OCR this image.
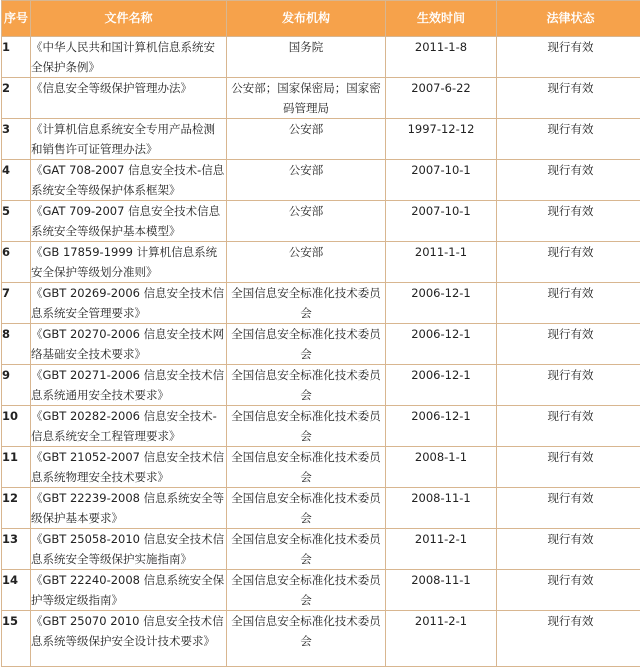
序号	文件名称	发布机构	生效时间	法律状态
1	《中华人民共和国计算机信息系统安全保护条例》	国务院	2011-1-8	现行有效
2	《信息安全等级保护管理办法》	公安部；国家保密局；国家密码管理局	2007-6-22	现行有效
3	《计算机信息系统安全专用产品检测和销售许可证管理办法》	公安部	1997-12-12	现行有效
4	《GAT 708-2007 信息安全技术-信息系统安全等级保护体系框架》	公安部	2007-10-1	现行有效
5	《GAT 709-2007 信息安全技术信息系统安全等级保护基本模型》	公安部	2007-10-1	现行有效
6	《GB 17859-1999 计算机信息系统安全保护等级划分准则》	公安部	2011-1-1	现行有效
7	《GBT 20269-2006 信息安全技术信息系统安全管理要求》	全国信息安全标准化技术委员会	2006-12-1	现行有效
8	《GBT 20270-2006 信息安全技术网络基础安全技术要求》	全国信息安全标准化技术委员会	2006-12-1	现行有效
9	《GBT 20271-2006 信息安全技术信息系统通用安全技术要求》	全国信息安全标准化技术委员会	2006-12-1	现行有效
10	《GBT 20282-2006 信息安全技术-信息系统安全工程管理要求》	全国信息安全标准化技术委员会	2006-12-1	现行有效
11	《GBT 21052-2007 信息安全技术信息系统物理安全技术要求》	全国信息安全标准化技术委员会	2008-1-1	现行有效
12	《GBT 22239-2008 信息系统安全等级保护基本要求》	全国信息安全标准化技术委员会	2008-11-1	现行有效
13	《GBT 25058-2010 信息安全技术信息系统安全等级保护实施指南》	全国信息安全标准化技术委员会	2011-2-1	现行有效
14	《GBT 22240-2008 信息系统安全保护等级定级指南》	全国信息安全标准化技术委员会	2008-11-1	现行有效
15	《GBT 25070 2010 信息安全技术信息系统等级保护安全设计技术要求》	全国信息安全标准化技术委员会	2011-2-1	现行有效
